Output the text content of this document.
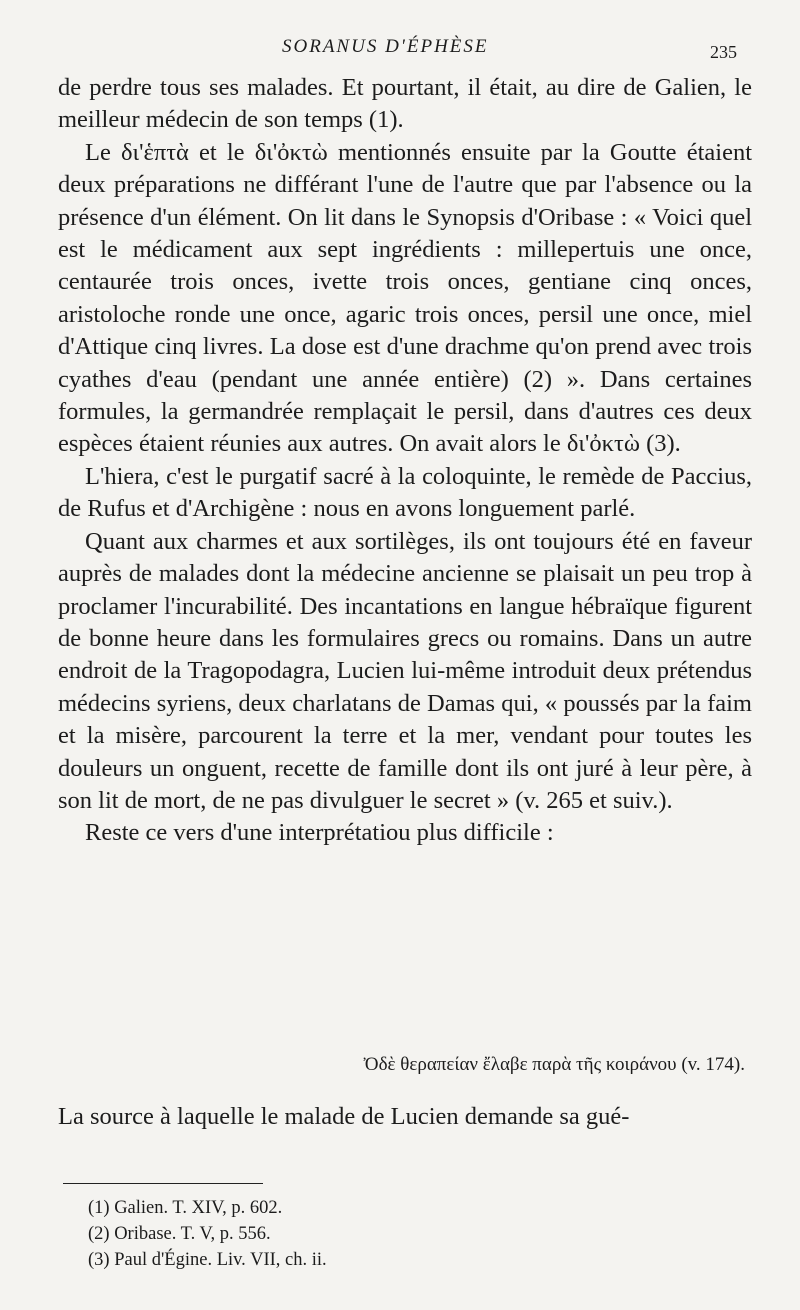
SORANUS D'ÉPHÈSE	235

de perdre tous ses malades. Et pourtant, il était, au dire de Galien, le meilleur médecin de son temps (1).

Le δι'ἑπτὰ et le δι'ὀκτὼ mentionnés ensuite par la Goutte étaient deux préparations ne différant l'une de l'autre que par l'absence ou la présence d'un élément. On lit dans le Synopsis d'Oribase : « Voici quel est le médicament aux sept ingrédients : millepertuis une once, centaurée trois onces, ivette trois onces, gentiane cinq onces, aristoloche ronde une once, agaric trois onces, persil une once, miel d'Attique cinq livres. La dose est d'une drachme qu'on prend avec trois cyathes d'eau (pendant une année entière) (2) ». Dans certaines formules, la germandrée remplaçait le persil, dans d'autres ces deux espèces étaient réunies aux autres. On avait alors le δι'ὀκτὼ (3).

L'hiera, c'est le purgatif sacré à la coloquinte, le remède de Paccius, de Rufus et d'Archigène : nous en avons longuement parlé.

Quant aux charmes et aux sortilèges, ils ont toujours été en faveur auprès de malades dont la médecine ancienne se plaisait un peu trop à proclamer l'incurabilité. Des incantations en langue hébraïque figurent de bonne heure dans les formulaires grecs ou romains. Dans un autre endroit de la Tragopodagra, Lucien lui-même introduit deux prétendus médecins syriens, deux charlatans de Damas qui, « poussés par la faim et la misère, parcourent la terre et la mer, vendant pour toutes les douleurs un onguent, recette de famille dont ils ont juré à leur père, à son lit de mort, de ne pas divulguer le secret » (v. 265 et suiv.).

Reste ce vers d'une interprétatiou plus difficile :

Ὀδὲ θεραπείαν ἔλαβε παρὰ τῆς κοιράνου (v. 174).
La source à laquelle le malade de Lucien demande sa gué-
(1) Galien. T. XIV, p. 602.
(2) Oribase. T. V, p. 556.
(3) Paul d'Égine. Liv. VII, ch. ii.
